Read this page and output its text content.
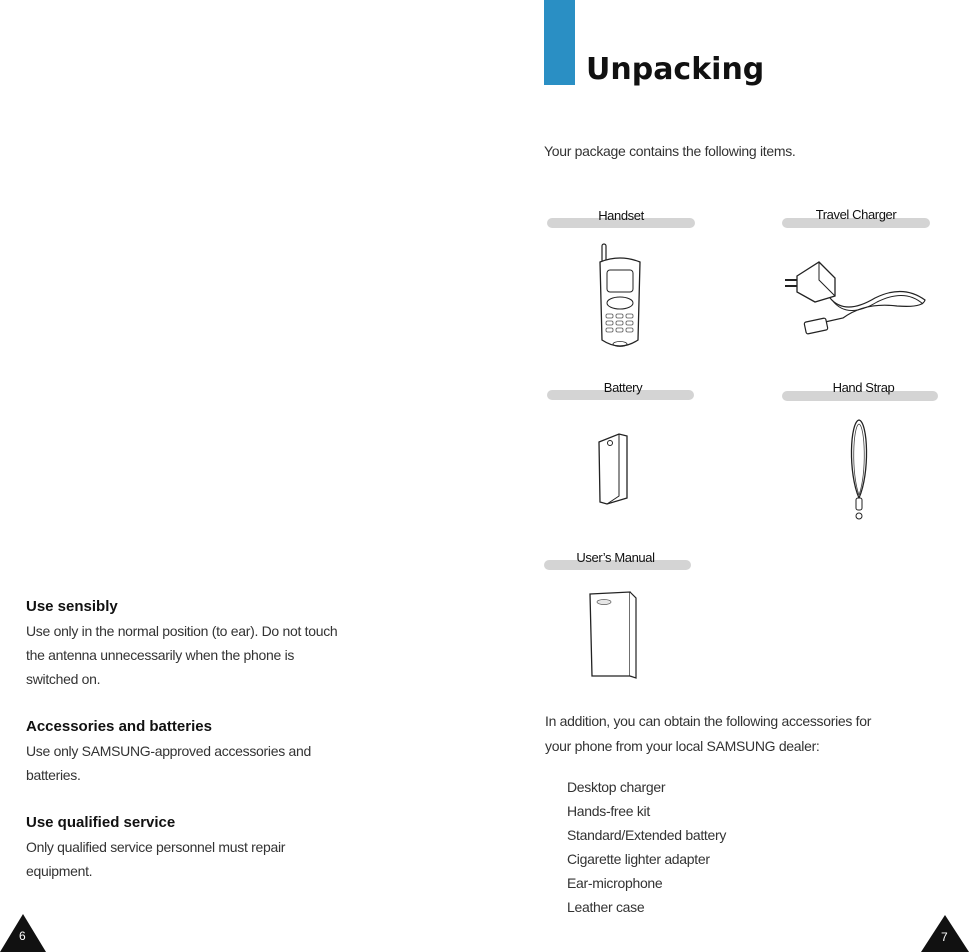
Use sensibly
Use only in the normal position (to ear). Do not touch
the antenna unnecessarily when the phone is
switched on.
Accessories and batteries
Use only SAMSUNG-approved accessories and
batteries.
Use qualified service
Only qualified service personnel must repair
equipment.
6
Unpacking
Your package contains the following items.
Handset	Travel Charger
Battery	Hand Strap
User’s Manual
In addition, you can obtain the following accessories for
your phone from your local SAMSUNG dealer:
Desktop charger
Hands-free kit
Standard/Extended battery
Cigarette lighter adapter
Ear-microphone
Leather case
7
